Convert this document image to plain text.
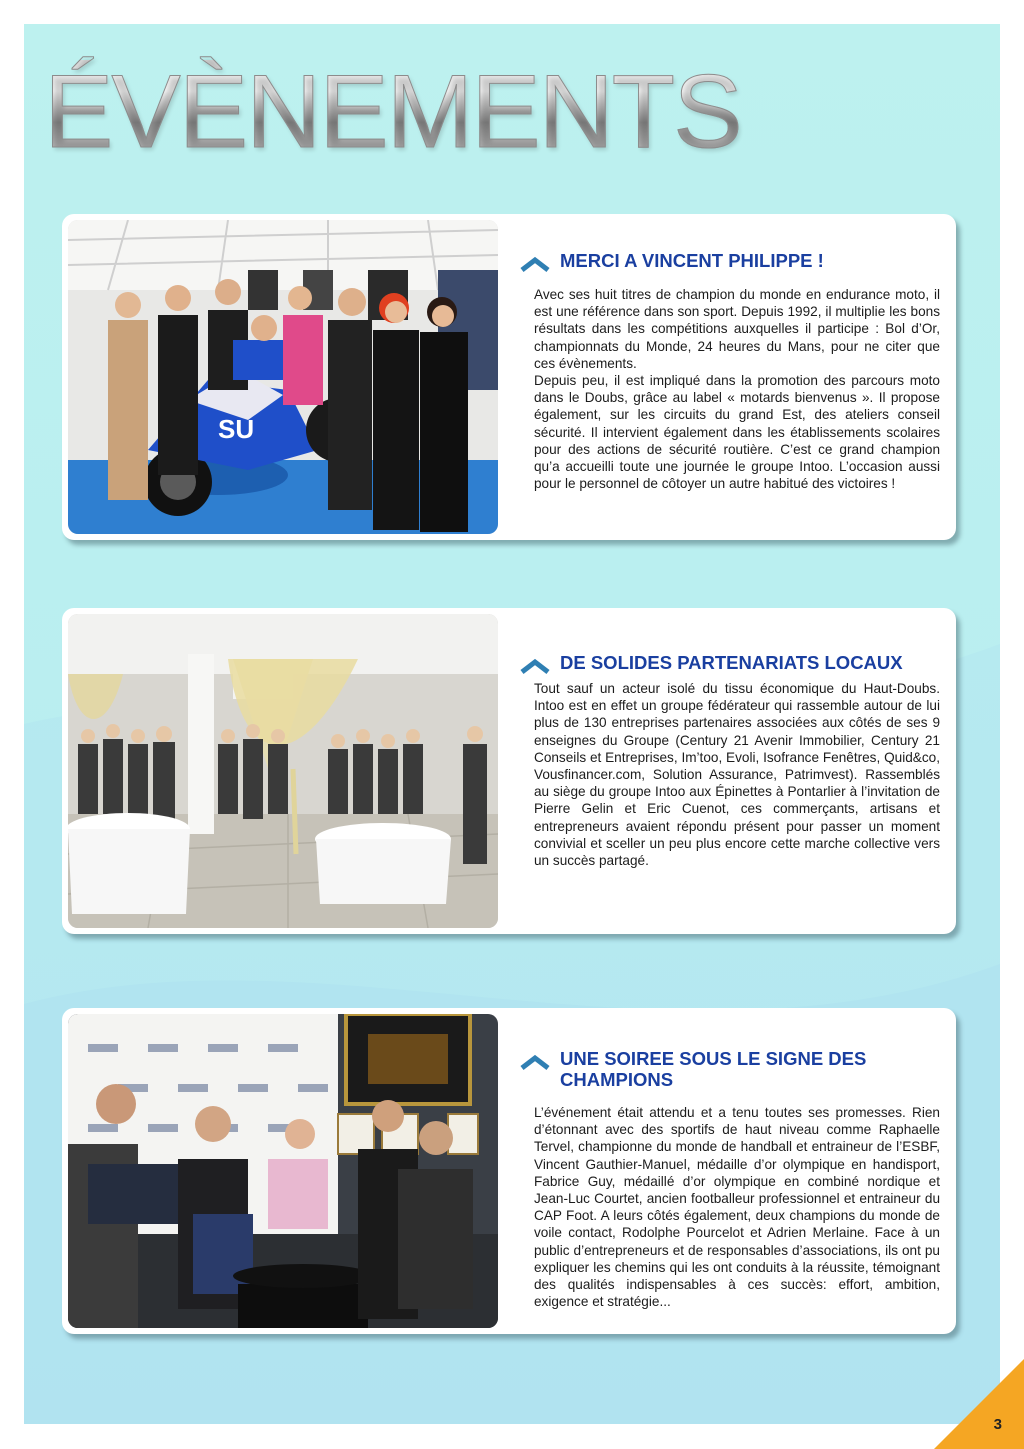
ÉVÈNEMENTS
SU
MERCI A VINCENT PHILIPPE !

Avec ses huit titres de champion du monde en endurance moto, il est une référence dans son sport. Depuis 1992, il multiplie les bons résultats dans les compétitions auxquelles il participe : Bol d’Or, championnats du Monde, 24 heures du Mans, pour ne citer que ces évènements.

Depuis peu, il est impliqué dans la promotion des parcours moto dans le Doubs, grâce au label « motards bienvenus ». Il propose également, sur les circuits du grand Est, des ateliers conseil sécurité. Il intervient également dans les établissements scolaires pour des actions de sécurité routière. C’est ce grand champion qu’a accueilli toute une journée le groupe Intoo. L’occasion aussi pour le personnel de côtoyer un autre habitué des victoires !

DE SOLIDES PARTENARIATS LOCAUX

Tout sauf un acteur isolé du tissu économique du Haut-Doubs. Intoo est en effet un groupe fédérateur qui rassemble autour de lui plus de 130 entreprises partenaires associées aux côtés de ses 9 enseignes du Groupe (Century 21 Avenir Immobilier, Century 21 Conseils et Entreprises, Im’too, Evoli, Isofrance Fenêtres, Quid&co, Vousfinancer.com, Solution Assurance, Patrimvest). Rassemblés au siège du groupe Intoo aux Épinettes à Pontarlier à l’invitation de Pierre Gelin et Eric Cuenot, ces commerçants, artisans et entrepreneurs avaient répondu présent pour passer un moment convivial et sceller un peu plus encore cette marche collective vers un succès partagé.

UNE SOIREE SOUS LE SIGNE DES CHAMPIONS

L’événement était attendu et a tenu toutes ses promesses. Rien d’étonnant avec des sportifs de haut niveau comme Raphaelle Tervel, championne du monde de handball et entraineur de l’ESBF, Vincent Gauthier-Manuel, médaille d’or olympique en handisport, Fabrice Guy, médaillé d’or olympique en combiné nordique et Jean-Luc Courtet, ancien footballeur professionnel et entraineur du CAP Foot. A leurs côtés également, deux champions du monde de voile contact, Rodolphe Pourcelot et Adrien Merlaine. Face à un public d’entrepreneurs et de responsables d’associations, ils ont pu expliquer les chemins qui les ont conduits à la réussite, témoignant des qualités indispensables à ces succès: effort, ambition, exigence et stratégie...

3
